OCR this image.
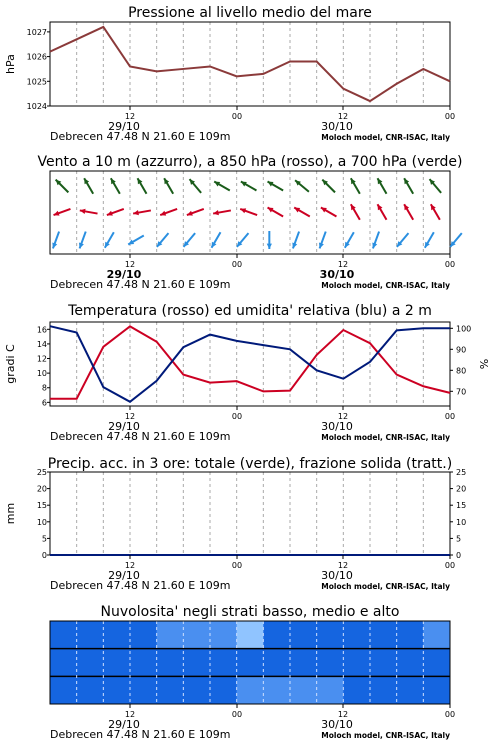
Pressione al livello medio del mare
Vento a 10 m (azzurro), a 850 hPa (rosso), a 700 hPa (verde)
Temperatura (rosso) ed umidita' relativa (blu) a 2 m
Precip. acc. in 3 ore: totale (verde), frazione solida (tratt.)
Nuvolosita' negli strati basso, medio e alto
1024
1025
1026
1027
hPa
12	00	12	00
29/10	30/10
Debrecen 47.48 N 21.60 E 109m	Moloch model, CNR-ISAC, Italy
12	00	12	00
29/10	30/10
Debrecen 47.48 N 21.60 E 109m	Moloch model, CNR-ISAC, Italy
6
8
10
12
14
16
70
80
90
100
gradi C	%
12	00	12	00
29/10	30/10
Debrecen 47.48 N 21.60 E 109m	Moloch model, CNR-ISAC, Italy
0
5
10
15
20
25
0
5
10
15
20
25
mm
12	00	12	00
29/10	30/10
Debrecen 47.48 N 21.60 E 109m	Moloch model, CNR-ISAC, Italy
12	00	12	00
29/10	30/10
Debrecen 47.48 N 21.60 E 109m	Moloch model, CNR-ISAC, Italy
